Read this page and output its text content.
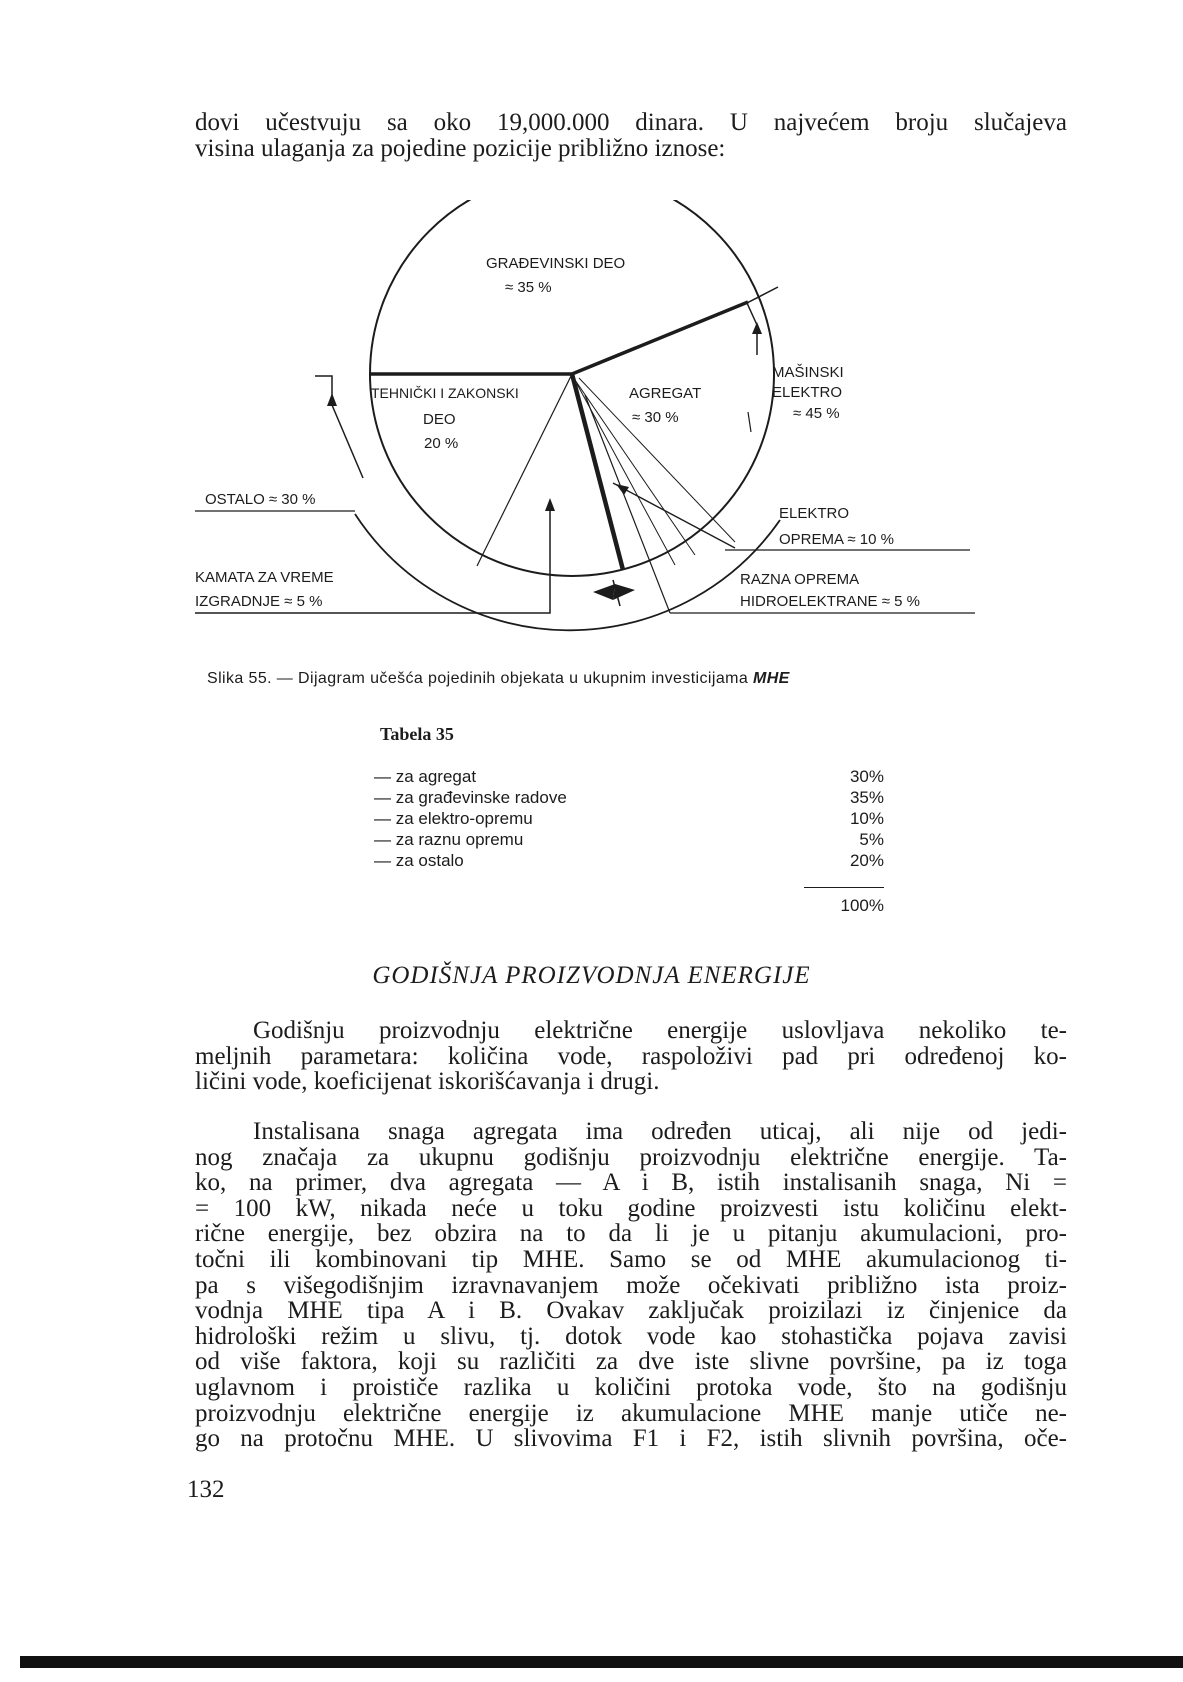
dovi učestvuju sa oko 19,000.000 dinara. U najvećem broju slučajeva
visina ulaganja za pojedine pozicije približno iznose:
GRAĐEVINSKI DEO
≈ 35 %
TEHNIČKI I ZAKONSKI
DEO
20 %
AGREGAT
≈ 30 %
MAŠINSKI
ELEKTRO
≈ 45 %
OSTALO ≈ 30 %
ELEKTRO
OPREMA ≈ 10 %
KAMATA ZA VREME
IZGRADNJE ≈ 5 %
RAZNA OPREMA
HIDROELEKTRANE ≈ 5 %
Slika 55. — Dijagram učešća pojedinih objekata u ukupnim investicijama MHE
Tabela 35
— za agregat	30%
— za građevinske radove	35%
— za elektro-opremu	10%
— za raznu opremu	5%
— za ostalo	20%
100%
GODIŠNJA PROIZVODNJA ENERGIJE
Godišnju proizvodnju električne energije uslovljava nekoliko te-
meljnih parametara: količina vode, raspoloživi pad pri određenoj ko-
ličini vode, koeficijenat iskorišćavanja i drugi.
Instalisana snaga agregata ima određen uticaj, ali nije od jedi-
nog značaja za ukupnu godišnju proizvodnju električne energije. Ta-
ko, na primer, dva agregata — A i B, istih instalisanih snaga, Ni =
= 100 kW, nikada neće u toku godine proizvesti istu količinu elekt-
rične energije, bez obzira na to da li je u pitanju akumulacioni, pro-
točni ili kombinovani tip MHE. Samo se od MHE akumulacionog ti-
pa s višegodišnjim izravnavanjem može očekivati približno ista proiz-
vodnja MHE tipa A i B. Ovakav zaključak proizilazi iz činjenice da
hidrološki režim u slivu, tj. dotok vode kao stohastička pojava zavisi
od više faktora, koji su različiti za dve iste slivne površine, pa iz toga
uglavnom i proističe razlika u količini protoka vode, što na godišnju
proizvodnju električne energije iz akumulacione MHE manje utiče ne-
go na protočnu MHE. U slivovima F1 i F2, istih slivnih površina, oče-
132
